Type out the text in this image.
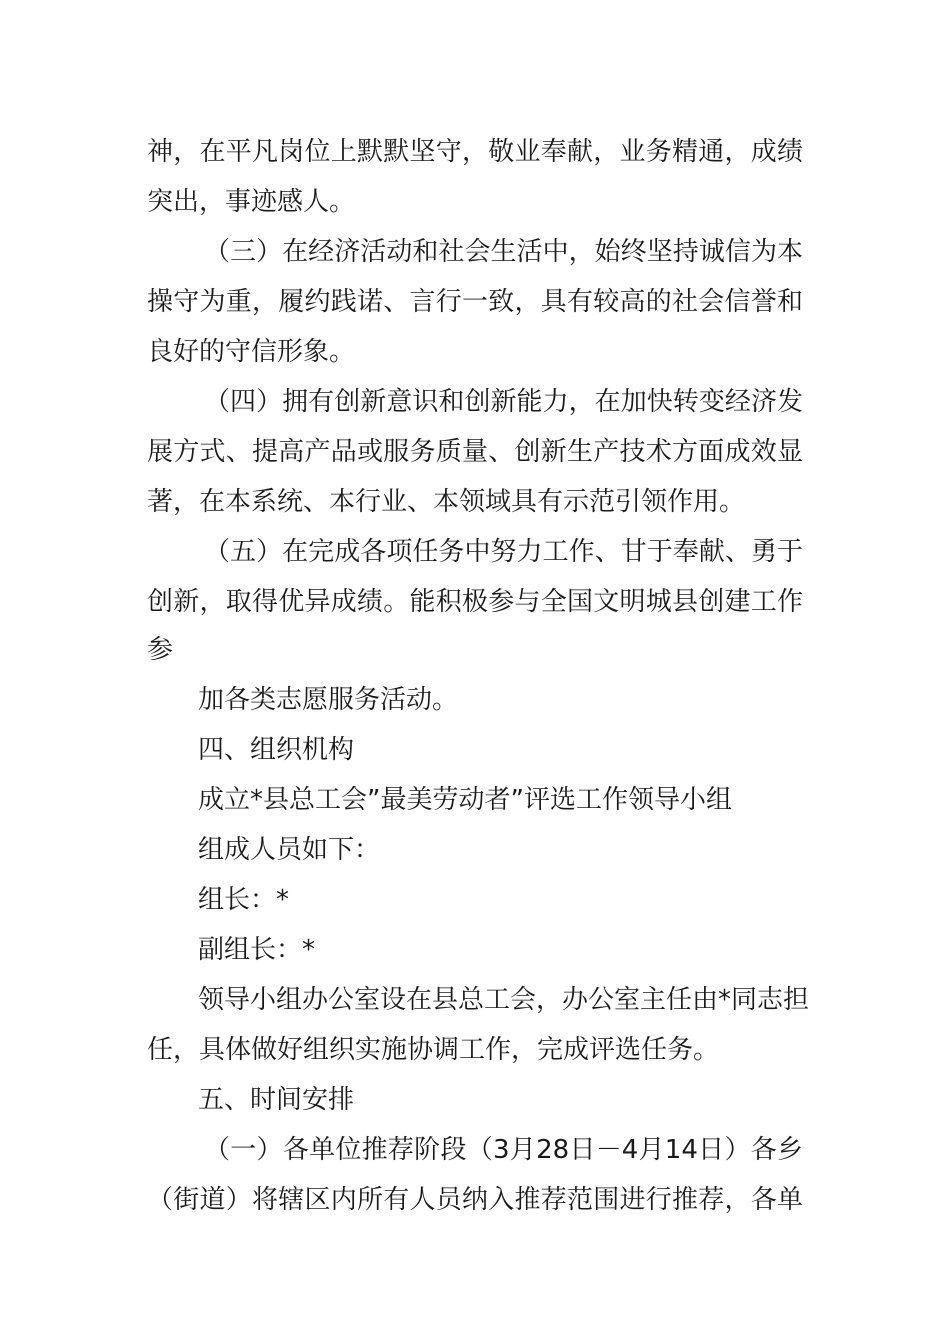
神，在平凡岗位上默默坚守，敬业奉献，业务精通，成绩
突出，事迹感人。
（三）在经济活动和社会生活中，始终坚持诚信为本
操守为重，履约践诺、言行一致，具有较高的社会信誉和
良好的守信形象。
（四）拥有创新意识和创新能力，在加快转变经济发
展方式、提高产品或服务质量、创新生产技术方面成效显
著，在本系统、本行业、本领域具有示范引领作用。
（五）在完成各项任务中努力工作、甘于奉献、勇于
创新，取得优异成绩。能积极参与全国文明城县创建工作
参
加各类志愿服务活动。
四、组织机构
成立*县总工会”最美劳动者”评选工作领导小组
组成人员如下：
组长：*
副组长：*
领导小组办公室设在县总工会，办公室主任由*同志担
任，具体做好组织实施协调工作，完成评选任务。
五、时间安排
（一）各单位推荐阶段（3月28日－4月14日）各乡
（街道）将辖区内所有人员纳入推荐范围进行推荐，各单
